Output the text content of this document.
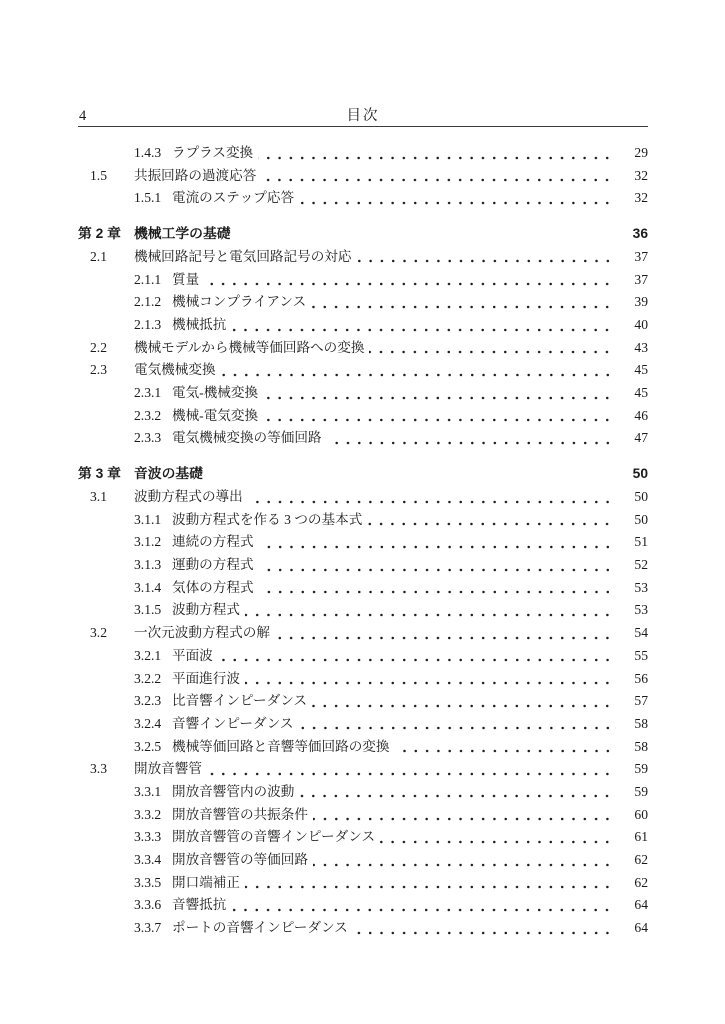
4	目次
1.4.3 ラプラス変換	29
1.5	共振回路の過渡応答	32
1.5.1 電流のステップ応答	32
第 2 章 機械工学の基礎	36
2.1	機械回路記号と電気回路記号の対応	37
2.1.1 質量	37
2.1.2 機械コンプライアンス	39
2.1.3 機械抵抗	40
2.2	機械モデルから機械等価回路への変換	43
2.3	電気機械変換	45
2.3.1 電気-機械変換	45
2.3.2 機械-電気変換	46
2.3.3 電気機械変換の等価回路	47
第 3 章 音波の基礎	50
3.1	波動方程式の導出	50
3.1.1 波動方程式を作る 3 つの基本式	50
3.1.2 連続の方程式	51
3.1.3 運動の方程式	52
3.1.4 気体の方程式	53
3.1.5 波動方程式	53
3.2	一次元波動方程式の解	54
3.2.1 平面波	55
3.2.2 平面進行波	56
3.2.3 比音響インピーダンス	57
3.2.4 音響インピーダンス	58
3.2.5 機械等価回路と音響等価回路の変換	58
3.3	開放音響管	59
3.3.1 開放音響管内の波動	59
3.3.2 開放音響管の共振条件	60
3.3.3 開放音響管の音響インピーダンス	61
3.3.4 開放音響管の等価回路	62
3.3.5 開口端補正	62
3.3.6 音響抵抗	64
3.3.7 ポートの音響インピーダンス	64
